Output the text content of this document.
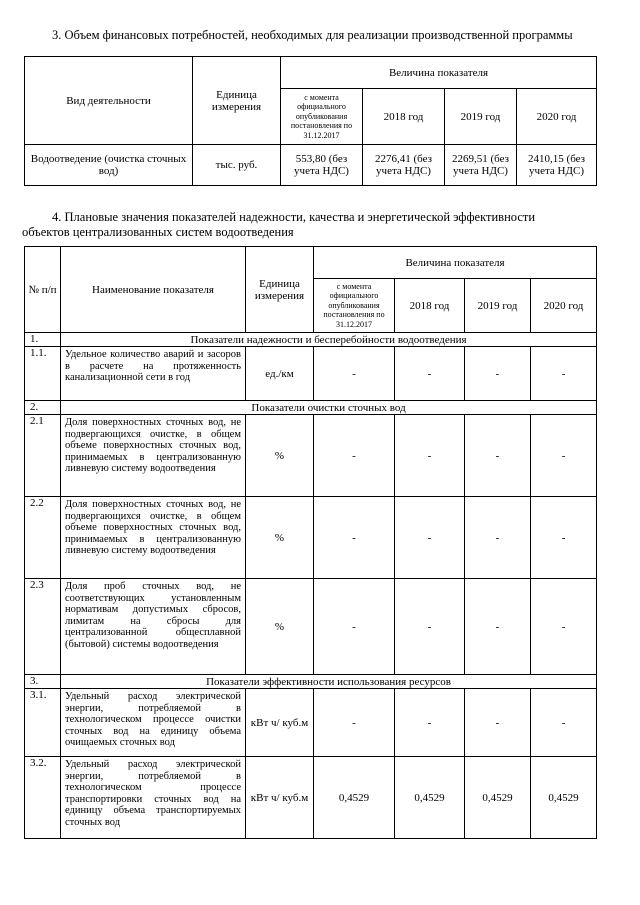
3. Объем финансовых потребностей, необходимых для реализации производственной программы
Вид деятельности	Единица измерения	Величина показателя			
		с момента официального опубликования постановления по 31.12.2017	2018 год	2019 год	2020 год
Водоотведение (очистка сточных вод)	тыс. руб.	553,80 (без учета НДС)	2276,41 (без учета НДС)	2269,51 (без учета НДС)	2410,15 (без учета НДС)
4. Плановые значения показателей надежности, качества и энергетической эффективности объектов централизованных систем водоотведения
№ п/п	Наименование показателя	Единица измерения	Величина показателя			
			с момента официального опубликования постановления по 31.12.2017	2018 год	2019 год	2020 год
1.	Показатели надежности и бесперебойности водоотведения					
1.1.	Удельное количество аварий и засоров в расчете на протяженность канализационной сети в год	ед./км	-	-	-	-
2.	Показатели очистки сточных вод					
2.1	Доля поверхностных сточных вод, не подвергающихся очистке, в общем объеме поверхностных сточных вод, принимаемых в централизованную ливневую систему водоотведения	%	-	-	-	-
2.2	Доля поверхностных сточных вод, не подвергающихся очистке, в общем объеме поверхностных сточных вод, принимаемых в централизованную ливневую систему водоотведения	%	-	-	-	-
2.3	Доля проб сточных вод, не соответствующих установленным нормативам допустимых сбросов, лимитам на сбросы для централизованной общесплавной (бытовой) системы водоотведения	%	-	-	-	-
3.	Показатели эффективности использования ресурсов					
3.1.	Удельный расход электрической энергии, потребляемой в технологическом процессе очистки сточных вод на единицу объема очищаемых сточных вод	кВт ч/ куб.м	-	-	-	-
3.2.	Удельный расход электрической энергии, потребляемой в технологическом процессе транспортировки сточных вод на единицу объема транспортируемых сточных вод	кВт ч/ куб.м	0,4529	0,4529	0,4529	0,4529
